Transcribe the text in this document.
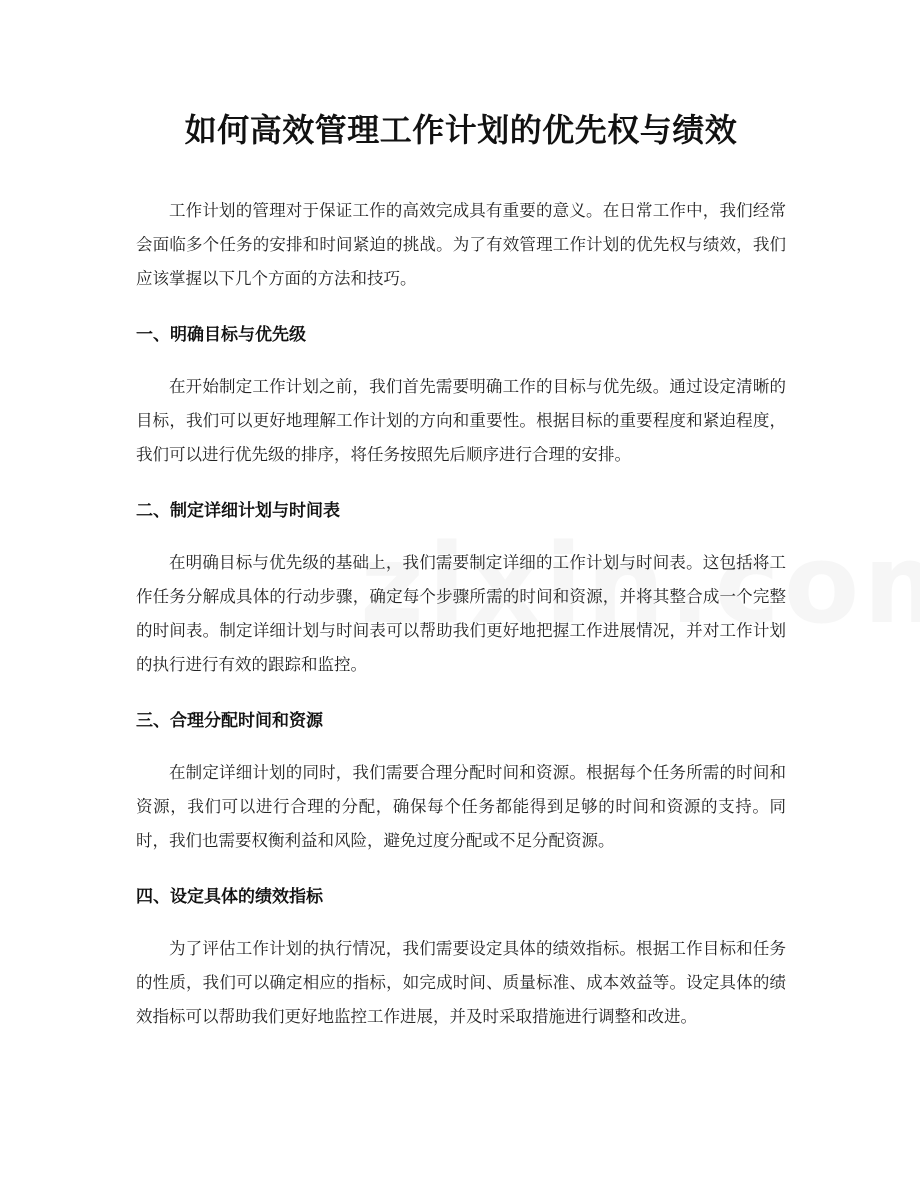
如何高效管理工作计划的优先权与绩效

工作计划的管理对于保证工作的高效完成具有重要的意义。在日常工作中，我们经常会面临多个任务的安排和时间紧迫的挑战。为了有效管理工作计划的优先权与绩效，我们应该掌握以下几个方面的方法和技巧。

一、明确目标与优先级

在开始制定工作计划之前，我们首先需要明确工作的目标与优先级。通过设定清晰的目标，我们可以更好地理解工作计划的方向和重要性。根据目标的重要程度和紧迫程度，我们可以进行优先级的排序，将任务按照先后顺序进行合理的安排。

二、制定详细计划与时间表

在明确目标与优先级的基础上，我们需要制定详细的工作计划与时间表。这包括将工作任务分解成具体的行动步骤，确定每个步骤所需的时间和资源，并将其整合成一个完整的时间表。制定详细计划与时间表可以帮助我们更好地把握工作进展情况，并对工作计划的执行进行有效的跟踪和监控。

三、合理分配时间和资源

在制定详细计划的同时，我们需要合理分配时间和资源。根据每个任务所需的时间和资源，我们可以进行合理的分配，确保每个任务都能得到足够的时间和资源的支持。同时，我们也需要权衡利益和风险，避免过度分配或不足分配资源。

四、设定具体的绩效指标

为了评估工作计划的执行情况，我们需要设定具体的绩效指标。根据工作目标和任务的性质，我们可以确定相应的指标，如完成时间、质量标准、成本效益等。设定具体的绩效指标可以帮助我们更好地监控工作进展，并及时采取措施进行调整和改进。
